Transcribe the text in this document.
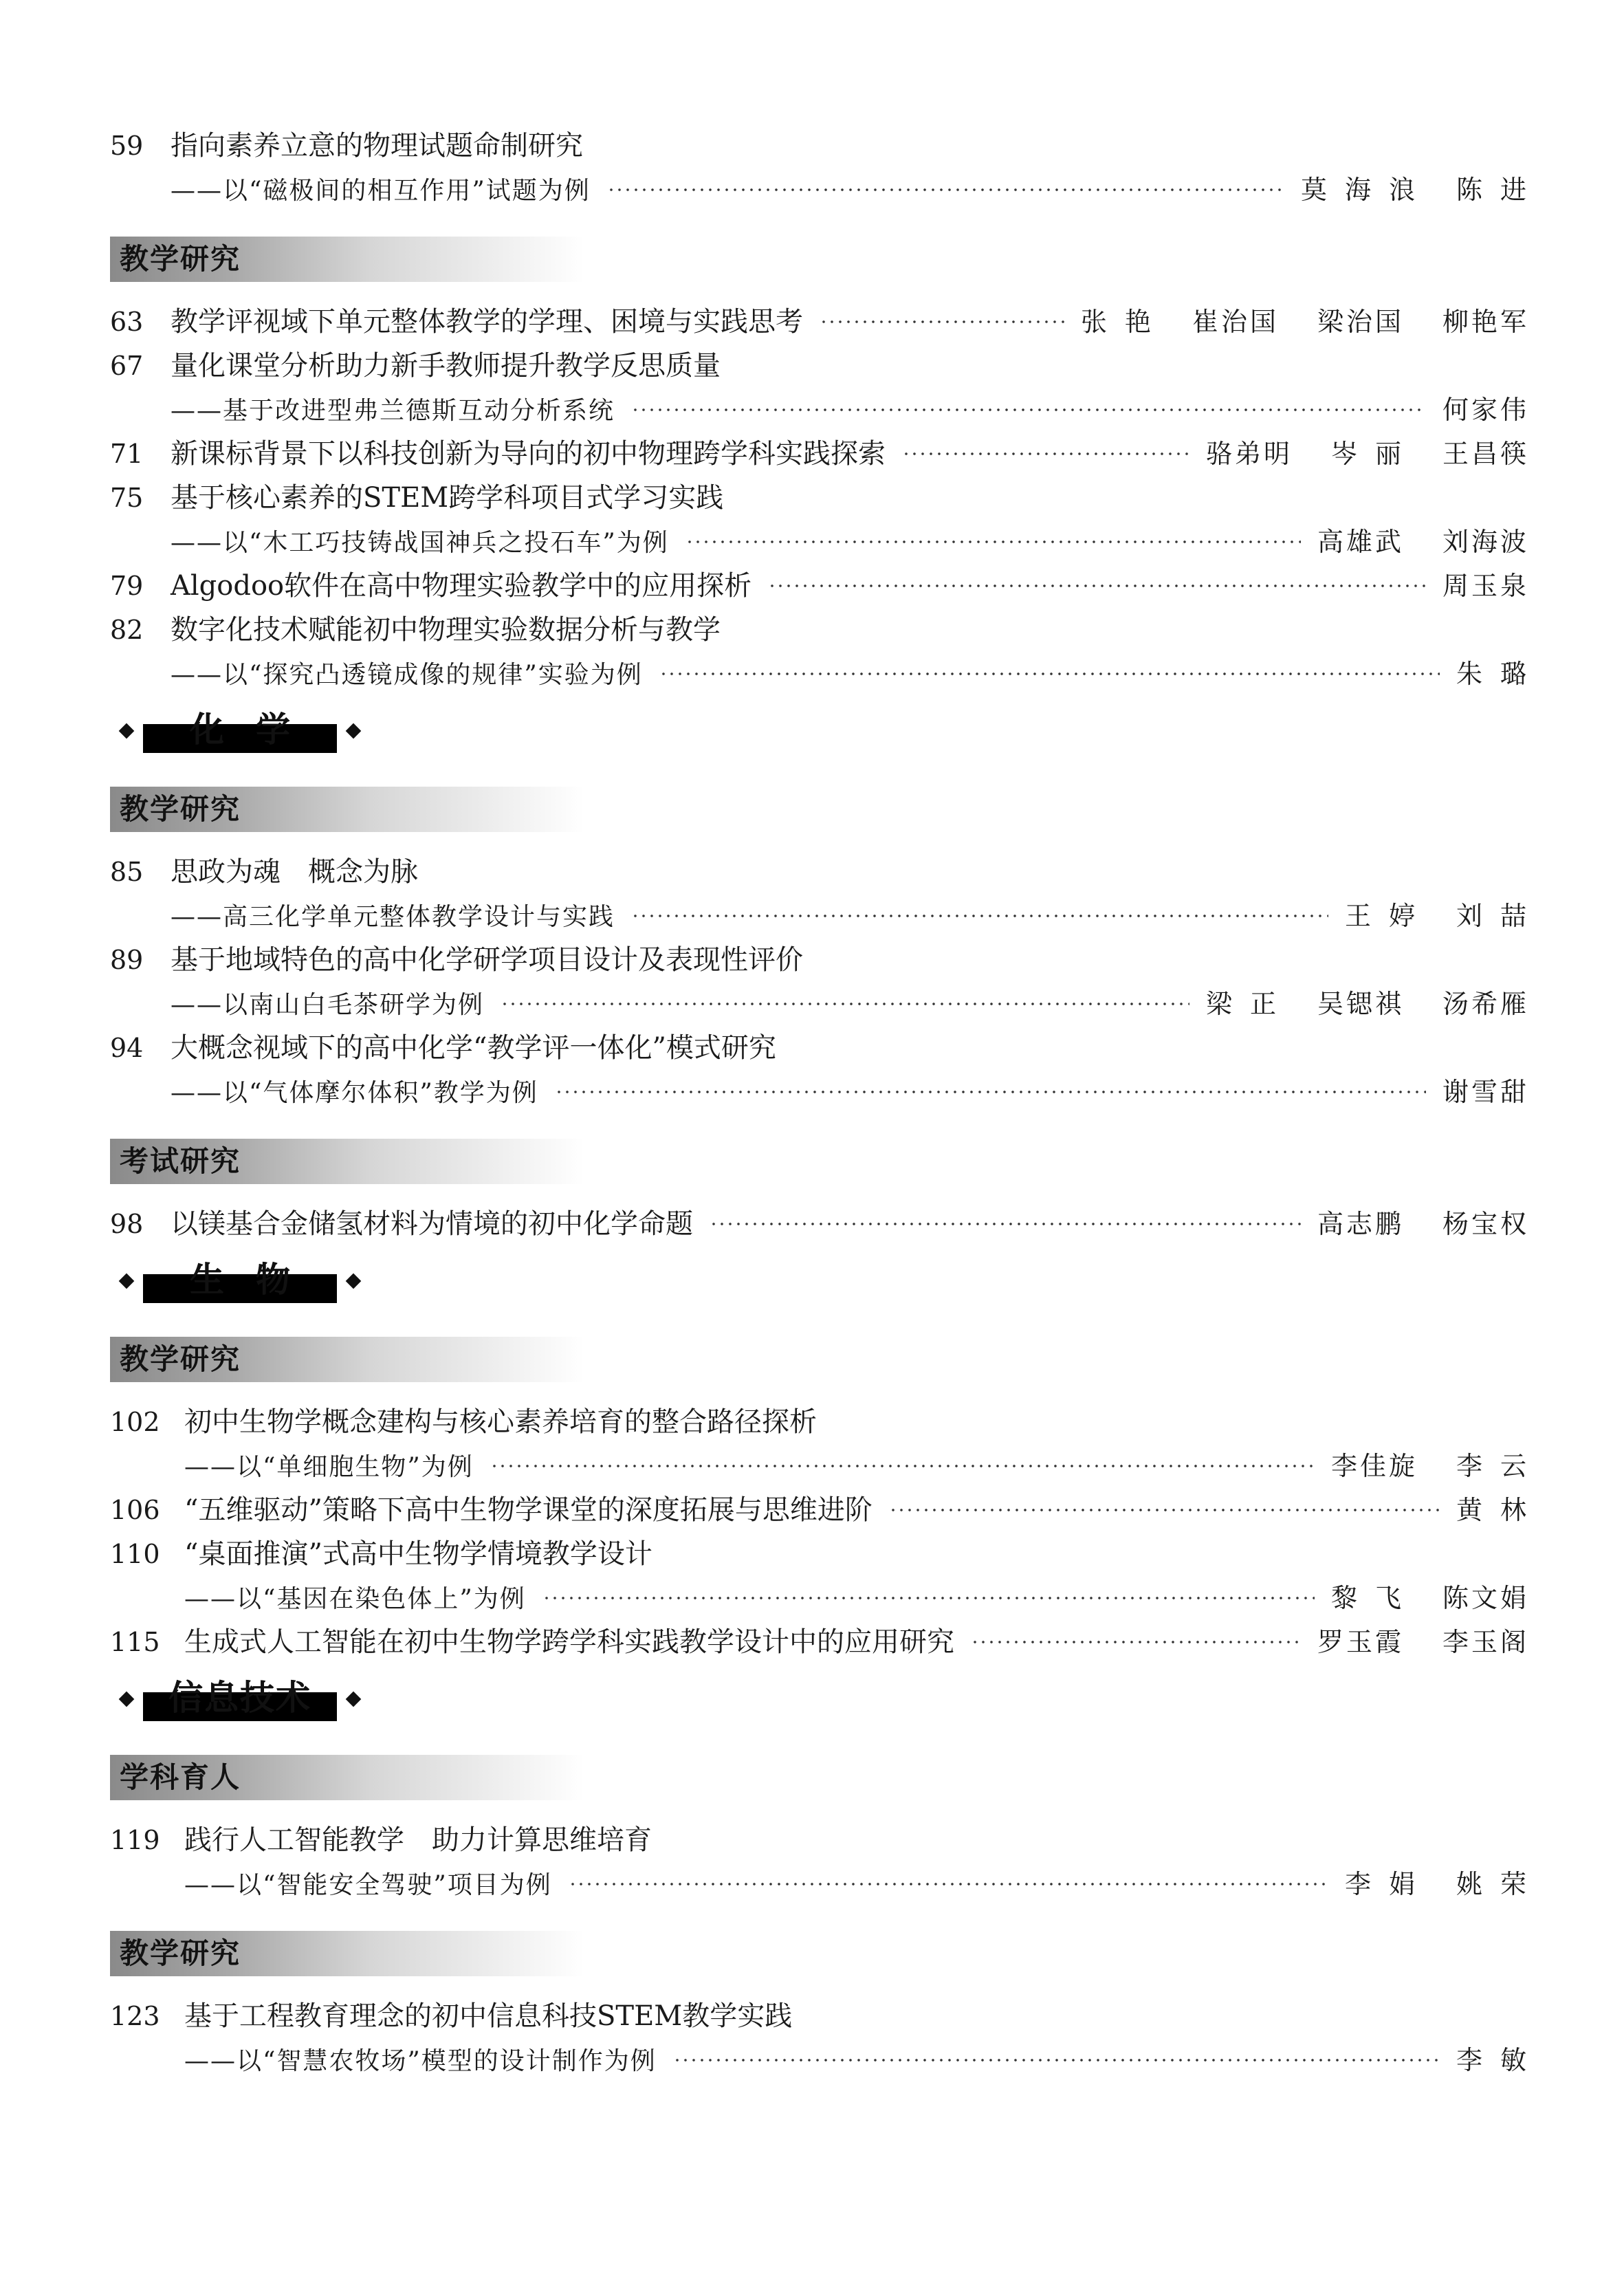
59 指向素养立意的物理试题命制研究
——以“磁极间的相互作用”试题为例	莫海浪 陈进
教学研究
63 教学评视域下单元整体教学的学理、困境与实践思考	张艳 崔治国 梁治国 柳艳军
67 量化课堂分析助力新手教师提升教学反思质量
——基于改进型弗兰德斯互动分析系统	何家伟
71 新课标背景下以科技创新为导向的初中物理跨学科实践探索	骆弟明 岑丽 王昌筷
75 基于核心素养的STEM跨学科项目式学习实践
——以“木工巧技铸战国神兵之投石车”为例	高雄武 刘海波
79 Algodoo软件在高中物理实验教学中的应用探析	周玉泉
82 数字化技术赋能初中物理实验数据分析与教学
——以“探究凸透镜成像的规律”实验为例	朱璐
化学
教学研究
85 思政为魂　概念为脉
——高三化学单元整体教学设计与实践	王婷 刘喆
89 基于地域特色的高中化学研学项目设计及表现性评价
——以南山白毛茶研学为例	梁正 吴锶祺 汤希雁
94 大概念视域下的高中化学“教学评一体化”模式研究
——以“气体摩尔体积”教学为例	谢雪甜
考试研究
98 以镁基合金储氢材料为情境的初中化学命题	高志鹏 杨宝权
生物
教学研究
102 初中生物学概念建构与核心素养培育的整合路径探析
——以“单细胞生物”为例	李佳旋 李云
106 “五维驱动”策略下高中生物学课堂的深度拓展与思维进阶	黄林
110 “桌面推演”式高中生物学情境教学设计
——以“基因在染色体上”为例	黎飞 陈文娟
115 生成式人工智能在初中生物学跨学科实践教学设计中的应用研究	罗玉霞 李玉阁
信息技术
学科育人
119 践行人工智能教学　助力计算思维培育
——以“智能安全驾驶”项目为例	李娟 姚荣
教学研究
123 基于工程教育理念的初中信息科技STEM教学实践
——以“智慧农牧场”模型的设计制作为例	李敏
